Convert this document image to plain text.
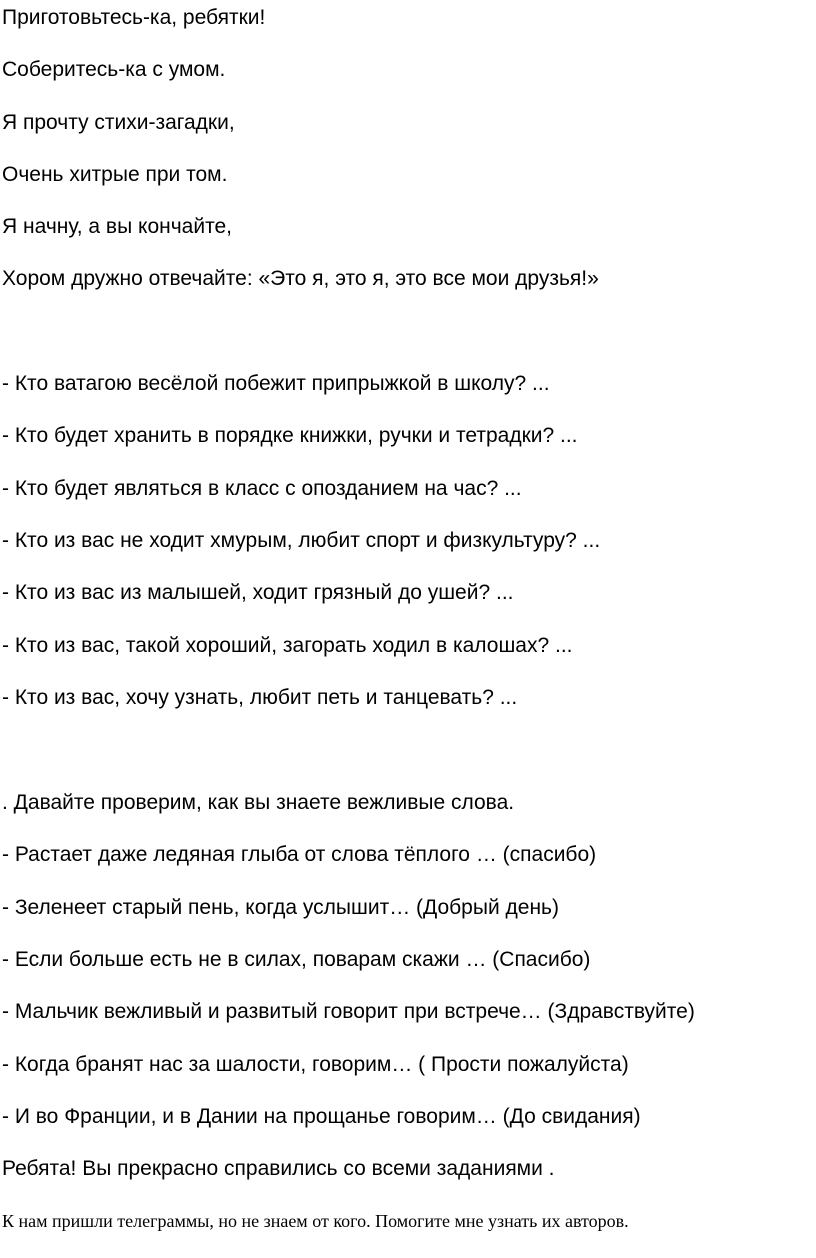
Приготовьтесь-ка, ребятки!
Соберитесь-ка с умом.
Я прочту стихи-загадки,
Очень хитрые при том.
Я начну, а вы кончайте,
Хором дружно отвечайте: «Это я, это я, это все мои друзья!»
- Кто ватагою весёлой побежит припрыжкой в школу? ...
- Кто будет хранить в порядке книжки, ручки и тетрадки? ...
- Кто будет являться в класс с опозданием на час? ...
- Кто из вас не ходит хмурым, любит спорт и физкультуру? ...
- Кто из вас из малышей, ходит грязный до ушей? ...
- Кто из вас, такой хороший, загорать ходил в калошах? ...
- Кто из вас, хочу узнать, любит петь и танцевать? ...
. Давайте проверим, как вы знаете вежливые слова.
- Растает даже ледяная глыба от слова тёплого … (спасибо)
- Зеленеет старый пень, когда услышит… (Добрый день)
- Если больше есть не в силах, поварам скажи … (Спасибо)
- Мальчик вежливый и развитый говорит при встрече… (Здравствуйте)
- Когда бранят нас за шалости, говорим… ( Прости пожалуйста)
- И во Франции, и в Дании на прощанье говорим… (До свидания)
Ребята! Вы прекрасно справились со всеми заданиями .
К нам пришли телеграммы, но не знаем от кого. Помогите мне узнать их авторов.
